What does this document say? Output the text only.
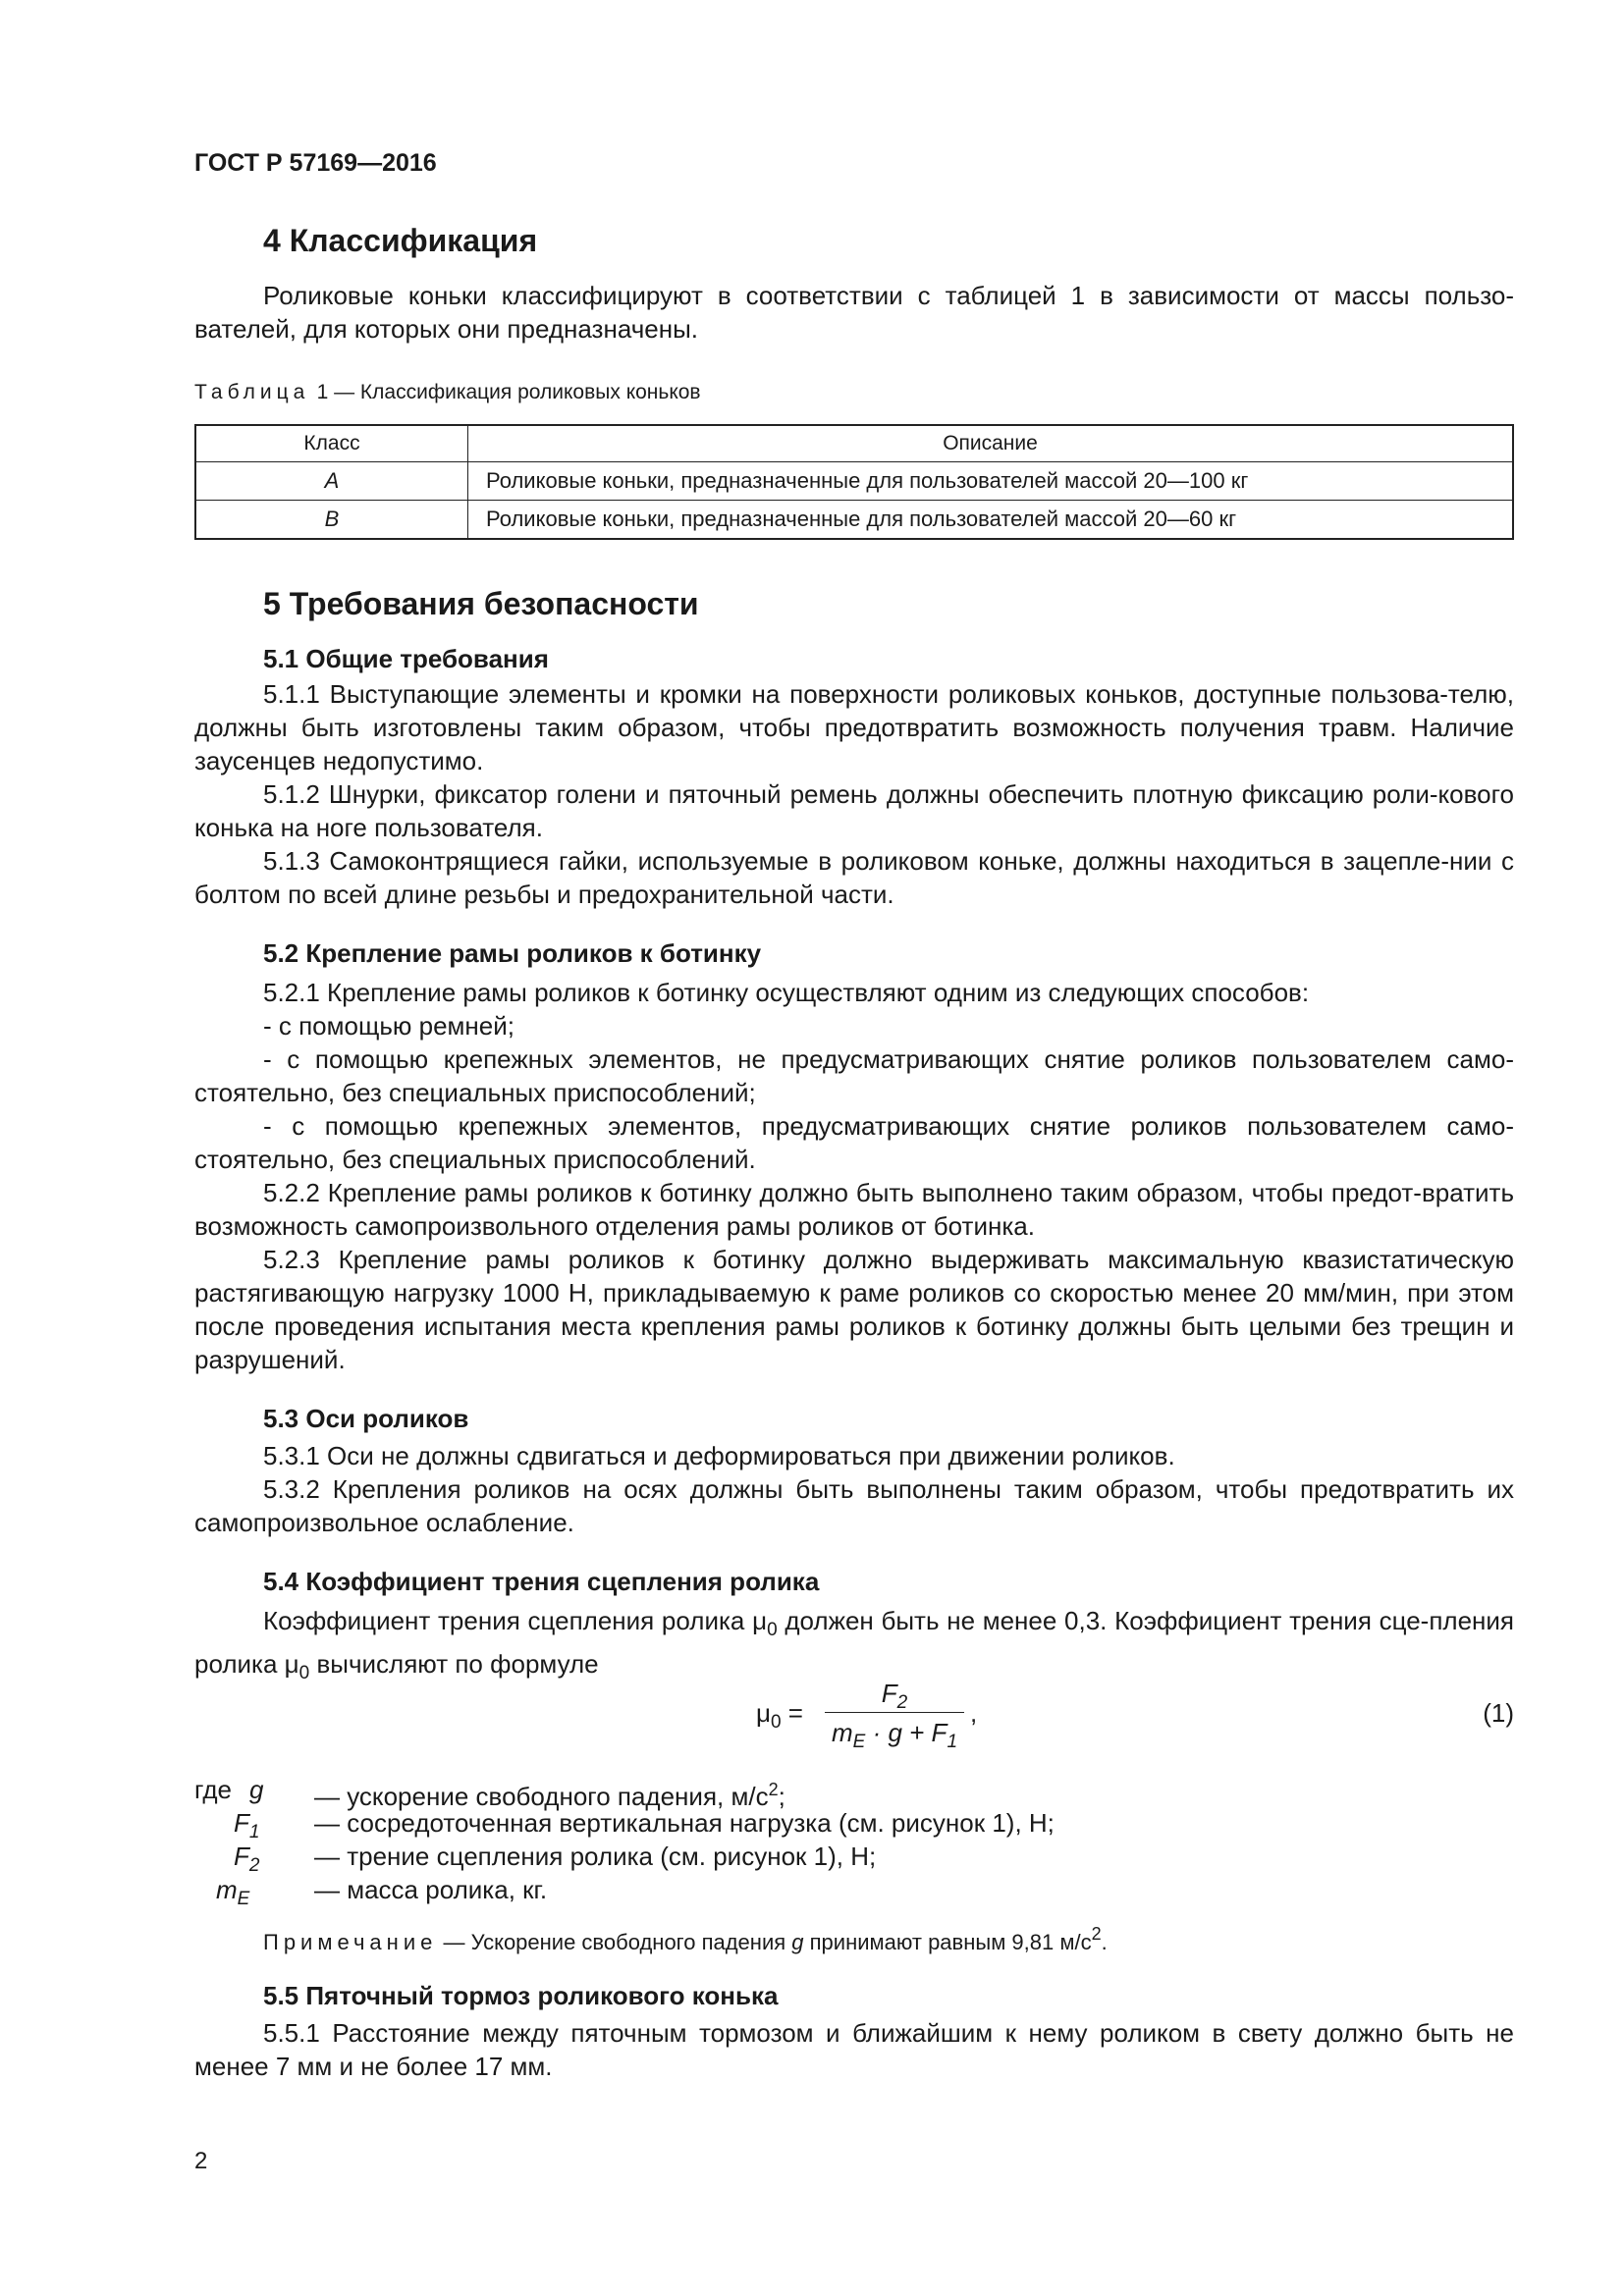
ГОСТ Р 57169—2016
4 Классификация
Роликовые коньки классифицируют в соответствии с таблицей 1 в зависимости от массы пользо-вателей, для которых они предназначены.
Таблица 1 — Классификация роликовых коньков
Класс	Описание
А	Роликовые коньки, предназначенные для пользователей массой 20—100 кг
В	Роликовые коньки, предназначенные для пользователей массой 20—60 кг
5 Требования безопасности
5.1 Общие требования
5.1.1 Выступающие элементы и кромки на поверхности роликовых коньков, доступные пользова-телю, должны быть изготовлены таким образом, чтобы предотвратить возможность получения травм. Наличие заусенцев недопустимо.
5.1.2 Шнурки, фиксатор голени и пяточный ремень должны обеспечить плотную фиксацию роли-кового конька на ноге пользователя.
5.1.3 Самоконтрящиеся гайки, используемые в роликовом коньке, должны находиться в зацепле-нии с болтом по всей длине резьбы и предохранительной части.
5.2 Крепление рамы роликов к ботинку
5.2.1 Крепление рамы роликов к ботинку осуществляют одним из следующих способов:
- с помощью ремней;
- с помощью крепежных элементов, не предусматривающих снятие роликов пользователем само-стоятельно, без специальных приспособлений;
- с помощью крепежных элементов, предусматривающих снятие роликов пользователем само-стоятельно, без специальных приспособлений.
5.2.2 Крепление рамы роликов к ботинку должно быть выполнено таким образом, чтобы предот-вратить возможность самопроизвольного отделения рамы роликов от ботинка.
5.2.3 Крепление рамы роликов к ботинку должно выдерживать максимальную квазистатическую растягивающую нагрузку 1000 Н, прикладываемую к раме роликов со скоростью менее 20 мм/мин, при этом после проведения испытания места крепления рамы роликов к ботинку должны быть целыми без трещин и разрушений.
5.3 Оси роликов
5.3.1 Оси не должны сдвигаться и деформироваться при движении роликов.
5.3.2 Крепления роликов на осях должны быть выполнены таким образом, чтобы предотвратить их самопроизвольное ослабление.
5.4 Коэффициент трения сцепления ролика
Коэффициент трения сцепления ролика $\mu_0$ должен быть не менее 0,3. Коэффициент трения сце-пления ролика $\mu_0$ вычисляют по формуле
$\mu_0$ =
$F_2$
$m_E \cdot g + F_1$
,	(1)
где g — ускорение свободного падения, $м/с^2$;
$F_1$ — сосредоточенная вертикальная нагрузка (см. рисунок 1), Н;
$F_2$ — трение сцепления ролика (см. рисунок 1), Н;
$m_E$	— масса ролика, кг.
Примечание — Ускорение свободного падения g принимают равным 9,81 $м/с^2$.
5.5 Пяточный тормоз роликового конька
5.5.1 Расстояние между пяточным тормозом и ближайшим к нему роликом в свету должно быть не менее 7 мм и не более 17 мм.
2
